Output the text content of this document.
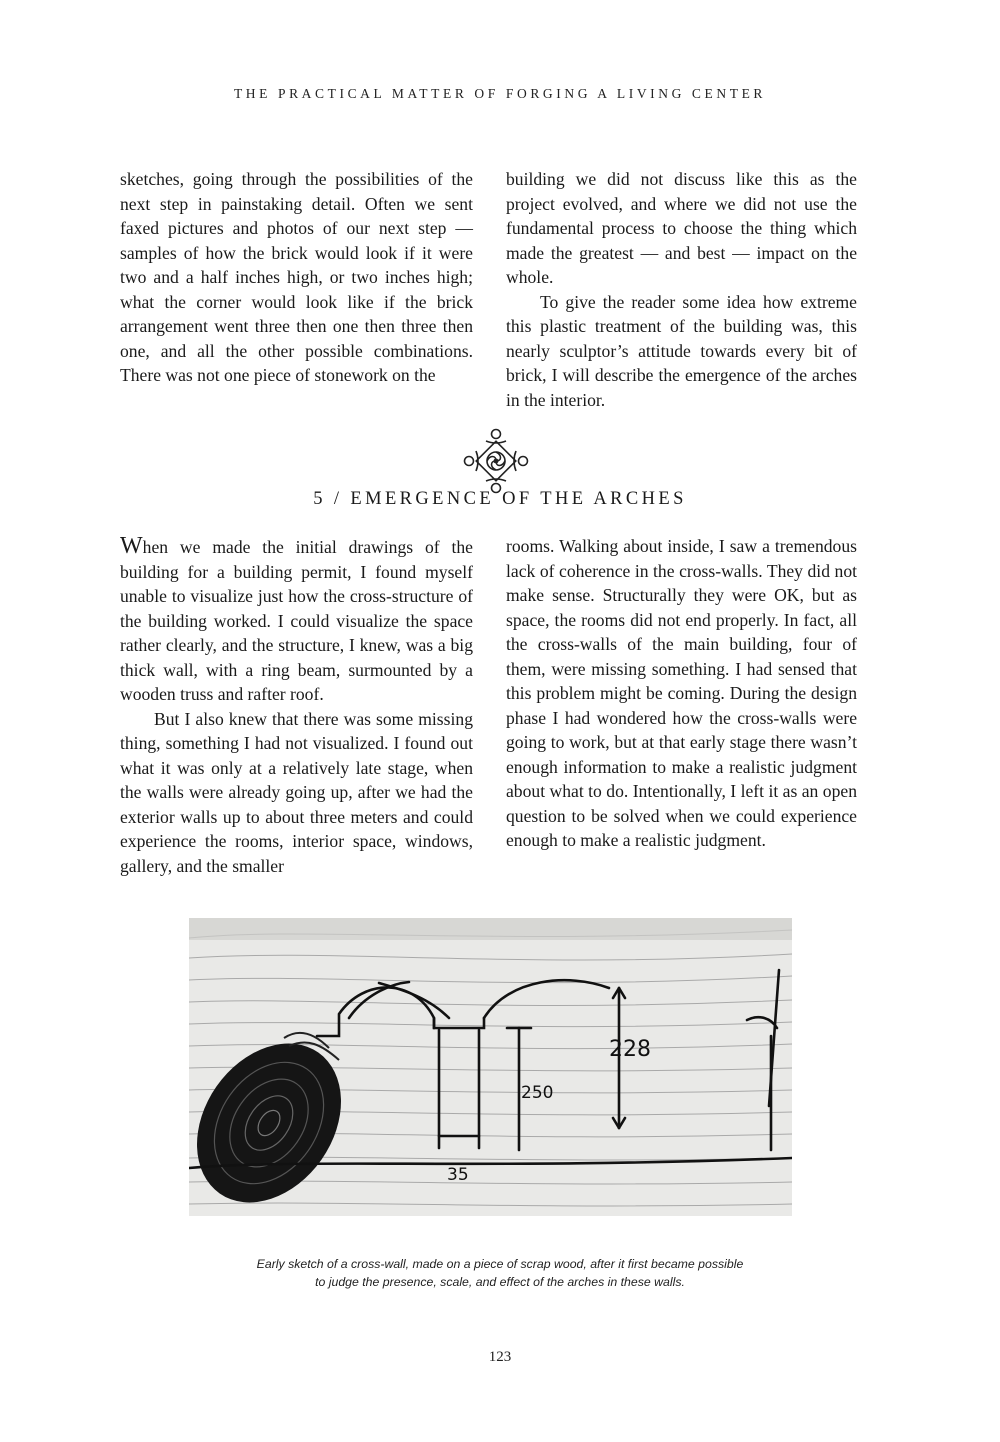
THE PRACTICAL MATTER OF FORGING A LIVING CENTER

sketches, going through the possibilities of the next step in painstaking detail. Often we sent faxed pictures and photos of our next step — samples of how the brick would look if it were two and a half inches high, or two inches high; what the corner would look like if the brick arrangement went three then one then three then one, and all the other possible combinations. There was not one piece of stonework on the

building we did not discuss like this as the project evolved, and where we did not use the fundamental process to choose the thing which made the greatest — and best — impact on the whole.

To give the reader some idea how extreme this plastic treatment of the building was, this nearly sculptor’s attitude towards every bit of brick, I will describe the emergence of the arches in the interior.

5 / EMERGENCE OF THE ARCHES

When we made the initial drawings of the building for a building permit, I found myself unable to visualize just how the cross-structure of the building worked. I could visualize the space rather clearly, and the structure, I knew, was a big thick wall, with a ring beam, surmounted by a wooden truss and rafter roof.

But I also knew that there was some missing thing, something I had not visualized. I found out what it was only at a relatively late stage, when the walls were already going up, after we had the exterior walls up to about three meters and could experience the rooms, interior space, windows, gallery, and the smaller

rooms. Walking about inside, I saw a tremendous lack of coherence in the cross-walls. They did not make sense. Structurally they were OK, but as space, the rooms did not end properly. In fact, all the cross-walls of the main building, four of them, were missing something. I had sensed that this problem might be coming. During the design phase I had wondered how the cross-walls were going to work, but at that early stage there wasn’t enough information to make a realistic judgment about what to do. Intentionally, I left it as an open question to be solved when we could experience enough to make a realistic judgment.

228
250
35
Early sketch of a cross-wall, made on a piece of scrap wood, after it first became possible
to judge the presence, scale, and effect of the arches in these walls.
123
